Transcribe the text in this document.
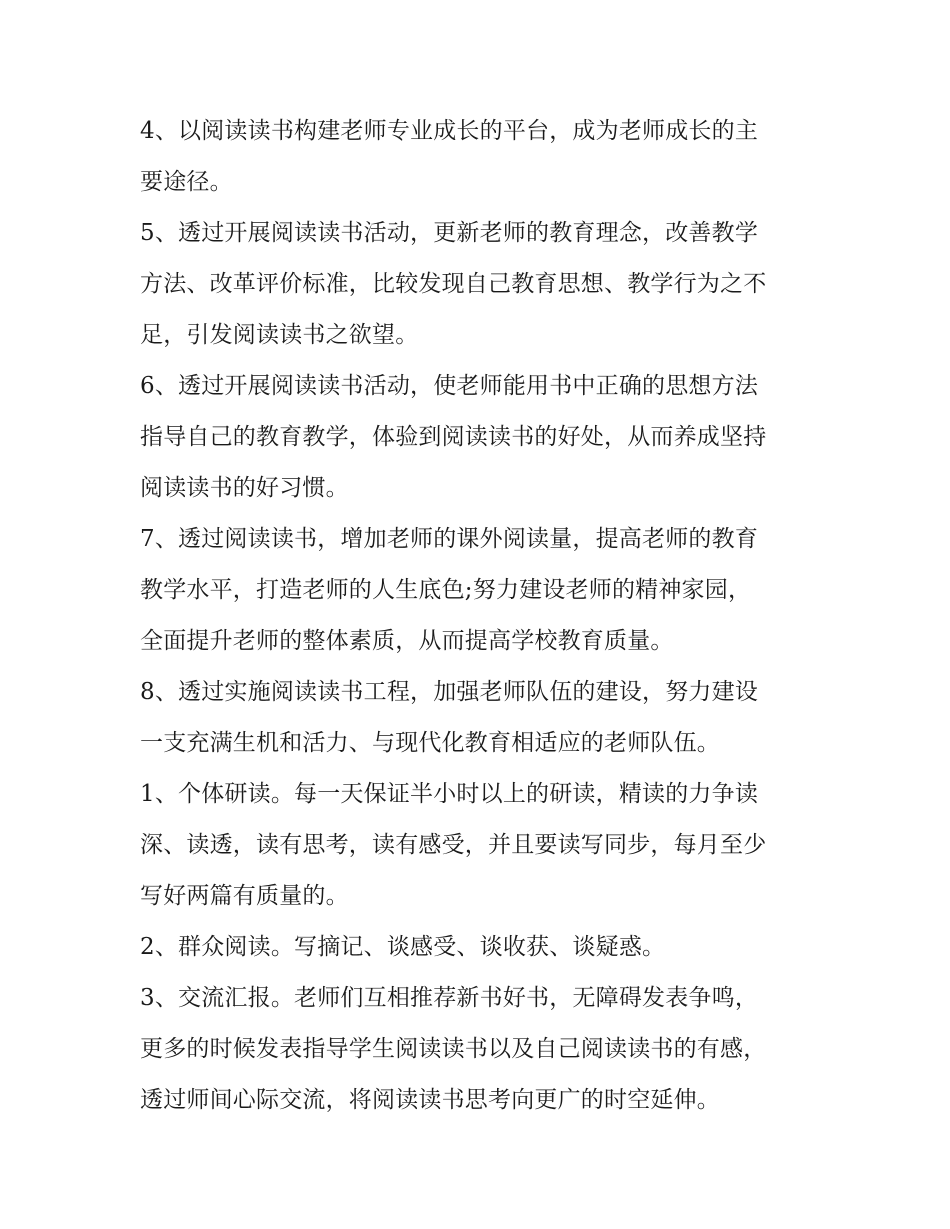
4、以阅读读书构建老师专业成长的平台，成为老师成长的主
要途径。
5、透过开展阅读读书活动，更新老师的教育理念，改善教学
方法、改革评价标准，比较发现自己教育思想、教学行为之不
足，引发阅读读书之欲望。
6、透过开展阅读读书活动，使老师能用书中正确的思想方法
指导自己的教育教学，体验到阅读读书的好处，从而养成坚持
阅读读书的好习惯。
7、透过阅读读书，增加老师的课外阅读量，提高老师的教育
教学水平，打造老师的人生底色;努力建设老师的精神家园，
全面提升老师的整体素质，从而提高学校教育质量。
8、透过实施阅读读书工程，加强老师队伍的建设，努力建设
一支充满生机和活力、与现代化教育相适应的老师队伍。
1、个体研读。每一天保证半小时以上的研读，精读的力争读
深、读透，读有思考，读有感受，并且要读写同步，每月至少
写好两篇有质量的。
2、群众阅读。写摘记、谈感受、谈收获、谈疑惑。
3、交流汇报。老师们互相推荐新书好书，无障碍发表争鸣，
更多的时候发表指导学生阅读读书以及自己阅读读书的有感，
透过师间心际交流，将阅读读书思考向更广的时空延伸。
